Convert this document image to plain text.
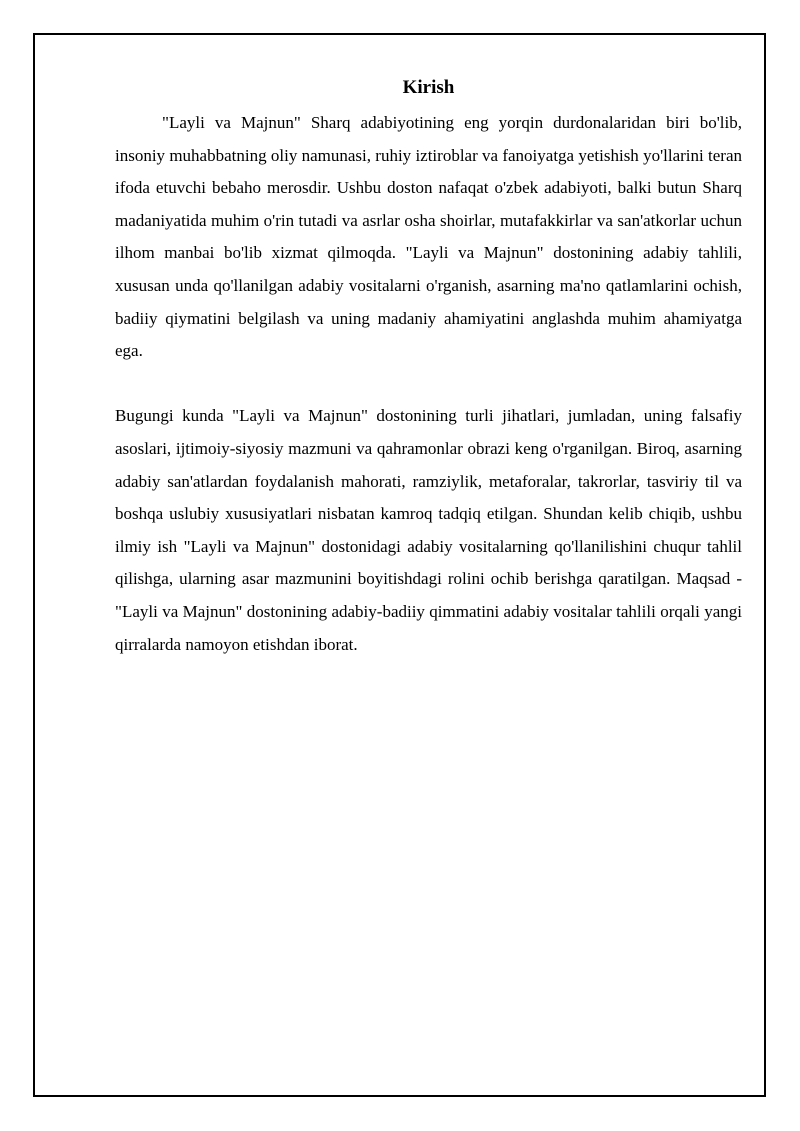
Kirish

"Layli va Majnun" Sharq adabiyotining eng yorqin durdonalaridan biri bo'lib, insoniy muhabbatning oliy namunasi, ruhiy iztiroblar va fanoiyatga yetishish yo'llarini teran ifoda etuvchi bebaho merosdir. Ushbu doston nafaqat o'zbek adabiyoti, balki butun Sharq madaniyatida muhim o'rin tutadi va asrlar osha shoirlar, mutafakkirlar va san'atkorlar uchun ilhom manbai bo'lib xizmat qilmoqda. "Layli va Majnun" dostonining adabiy tahlili, xususan unda qo'llanilgan adabiy vositalarni o'rganish, asarning ma'no qatlamlarini ochish, badiiy qiymatini belgilash va uning madaniy ahamiyatini anglashda muhim ahamiyatga ega.

Bugungi kunda "Layli va Majnun" dostonining turli jihatlari, jumladan, uning falsafiy asoslari, ijtimoiy-siyosiy mazmuni va qahramonlar obrazi keng o'rganilgan. Biroq, asarning adabiy san'atlardan foydalanish mahorati, ramziylik, metaforalar, takrorlar, tasviriy til va boshqa uslubiy xususiyatlari nisbatan kamroq tadqiq etilgan. Shundan kelib chiqib, ushbu ilmiy ish "Layli va Majnun" dostonidagi adabiy vositalarning qo'llanilishini chuqur tahlil qilishga, ularning asar mazmunini boyitishdagi rolini ochib berishga qaratilgan. Maqsad - "Layli va Majnun" dostonining adabiy-badiiy qimmatini adabiy vositalar tahlili orqali yangi qirralarda namoyon etishdan iborat.
